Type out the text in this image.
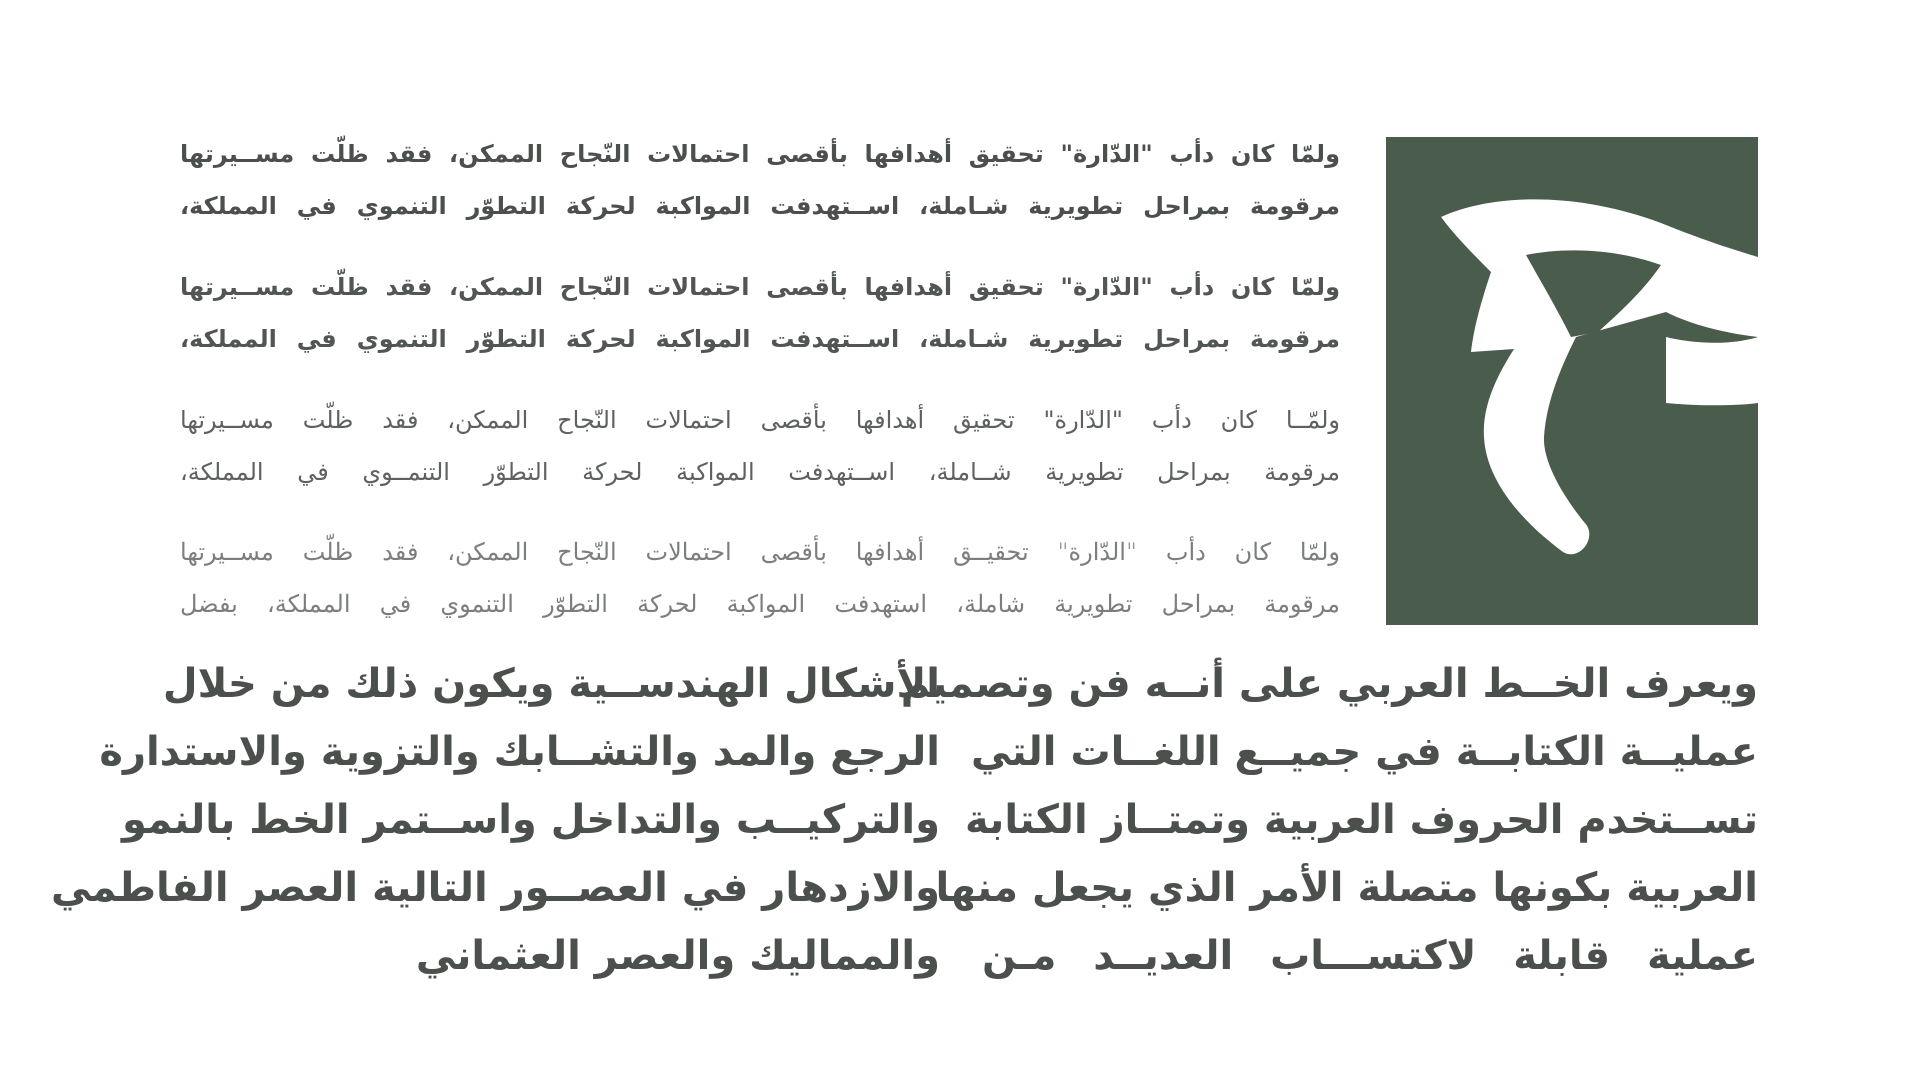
ولمّا كان دأب "الدّارة" تحقيق أهدافها بأقصى احتمالات النّجاح الممكن، فقد ظلّت مســيرتها
مرقومة بمراحل تطويرية شـاملة، اســتهدفت المواكبة لحركة التطوّر التنموي في المملكة،
ولمّا كان دأب "الدّارة" تحقيق أهدافها بأقصى احتمالات النّجاح الممكن، فقد ظلّت مســيرتها
مرقومة بمراحل تطويرية شـاملة، اســتهدفت المواكبة لحركة التطوّر التنموي في المملكة،
ولمّــا كان دأب "الدّارة" تحقيق أهدافها بأقصى احتمالات النّجاح الممكن، فقد ظلّت مســيرتها
مرقومة بمراحل تطويرية شــاملة، اســتهدفت المواكبة لحركة التطوّر التنمــوي في المملكة،
ولمّا كان دأب "الدّارة" تحقيــق أهدافها بأقصى احتمالات النّجاح الممكن، فقد ظلّت مســيرتها
مرقومة بمراحل تطويرية شاملة، استهدفت المواكبة لحركة التطوّر التنموي في المملكة، بفضل
ويعرف الخــط العربي على أنــه فن وتصميم
عمليــة الكتابــة في جميــع اللغــات التي
تســتخدم الحروف العربية وتمتــاز الكتابة
العربية بكونها متصلة الأمر الذي يجعل منها
عملية قابلة لاكتســـاب العديــد مـن
الأشكال الهندســية ويكون ذلك من خلال
الرجع والمد والتشــابك والتزوية والاستدارة
والتركيــب والتداخل واســتمر الخط بالنمو
والازدهار في العصــور التالية العصر الفاطمي
والمماليك والعصر العثماني
